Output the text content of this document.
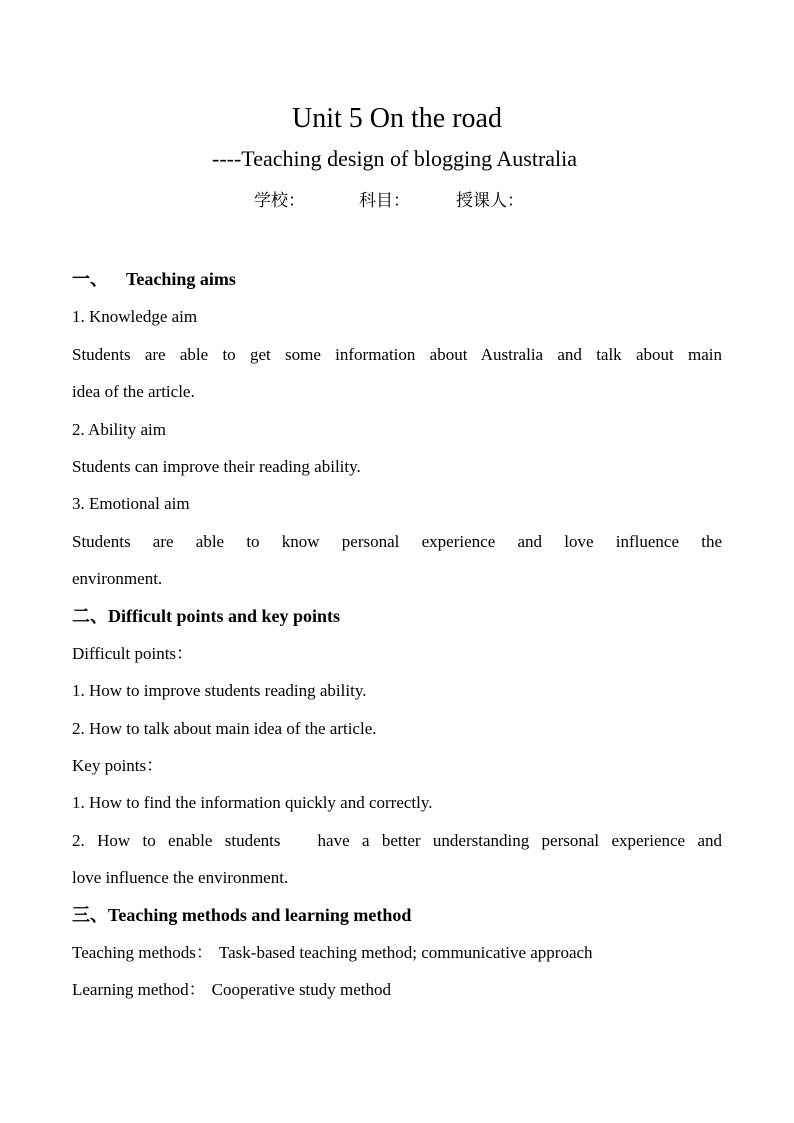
Unit 5 On the road
----Teaching design of blogging Australia
学校：	科目：	授课人：
一、 Teaching aims
1. Knowledge aim
Students are able to get some information about Australia and talk about main
idea of the article.
2. Ability aim
Students can improve their reading ability.
3. Emotional aim
Students are able to know personal experience and love influence the
environment.
二、Difficult points and key points
Difficult points：
1. How to improve students reading ability.
2. How to talk about main idea of the article.
Key points：
1. How to find the information quickly and correctly.
2. How to enable students   have a better understanding personal experience and
love influence the environment.
三、Teaching methods and learning method
Teaching methods： Task-based teaching method; communicative approach
Learning method： Cooperative study method
